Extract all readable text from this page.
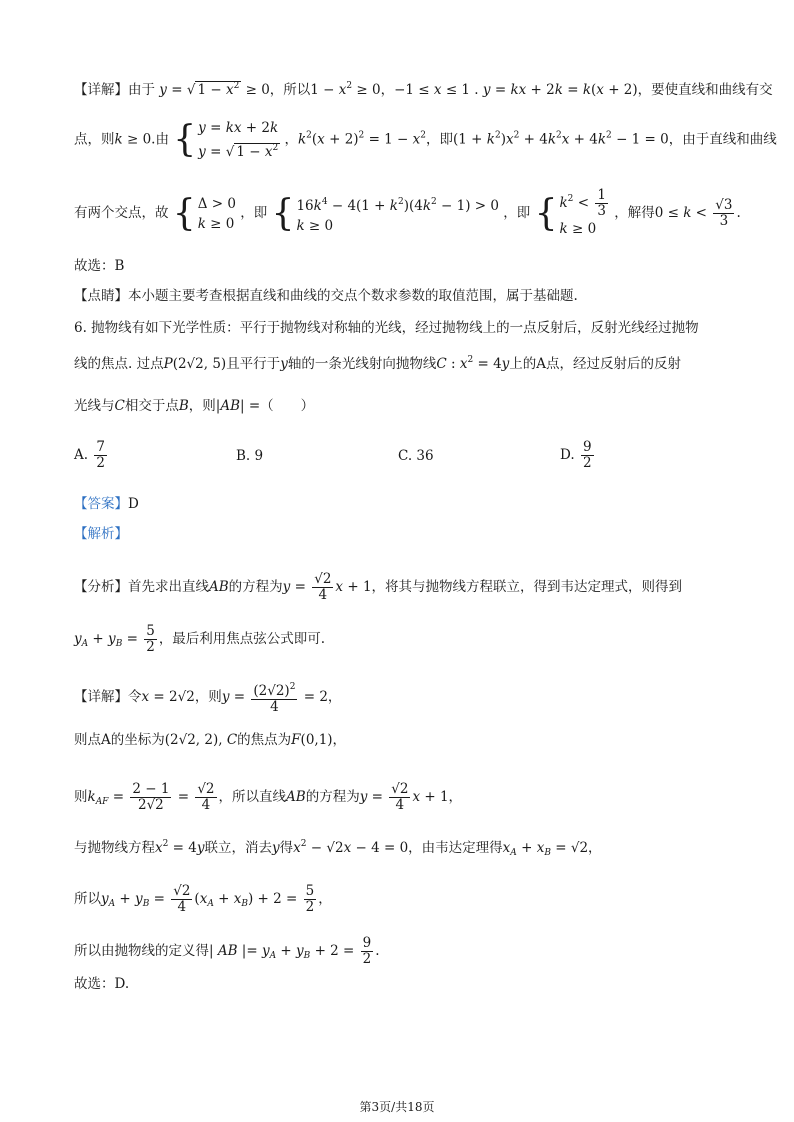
【详解】由于 y = √ $1 - x^2 \ge 0$，所以$1 - x^2 \ge 0$，−1 ≤ x ≤ 1 . y = kx + 2k = k(x + 2)，要使直线和曲线有交
点，则k ≥ 0.由 { y = kx + 2k
y = √ $1 - x^2$
，$k^2(x + 2)^2 = 1 - x^2$，即$(1 + k^2)x^2 + 4k^2x + 4k^2 - 1 = 0$，由于直线和曲线
有两个交点，故 { Δ > 0
k ≥ 0
，即 { $16k^4 - 4(1 + k^2)(4k^2 - 1) > 0$
k ≥ 0
，即 { $k^2 < \frac{1}{3}$
k ≥ 0
，解得$0 \le k < \frac{√3}{3}$ .
故选：B
【点睛】本小题主要考查根据直线和曲线的交点个数求参数的取值范围，属于基础题.
6. 抛物线有如下光学性质：平行于抛物线对称轴的光线，经过抛物线上的一点反射后，反射光线经过抛物
线的焦点. 过点P(2√2, 5)且平行于y轴的一条光线射向抛物线C : $x^2 = 4y$上的A点，经过反射后的反射
光线与C相交于点B，则|AB| =（　　）
A. $\frac{7}{2}$	B. 9	C. 36	D. $\frac{9}{2}$
【答案】D
【解析】
【分析】首先求出直线AB的方程为$y = \frac{√2}{4}$ x + 1，将其与抛物线方程联立，得到韦达定理式，则得到
$y_A + y_B = \frac{5}{2}$ ，最后利用焦点弦公式即可.
【详解】令x = 2√2，则$y = \frac{(2√2)^2}{4} = 2$，
则点A的坐标为(2√2, 2), C的焦点为F(0,1)，
则$k_{AF} = \frac{2 - 1}{2√2} = \frac{√2}{4}$ ，所以直线AB的方程为$y = \frac{√2}{4}$ x + 1，
与抛物线方程$x^2 = 4y$联立，消去y得$x^2 - √2x - 4 = 0$，由韦达定理得$x_A + x_B = √2$，
所以$y_A + y_B = \frac{√2}{4} (x_A + x_B) + 2 = \frac{5}{2}$ ，
所以由抛物线的定义得| AB |= $y_A + y_B + 2 = \frac{9}{2}$ .
故选：D.
第3页/共18页
